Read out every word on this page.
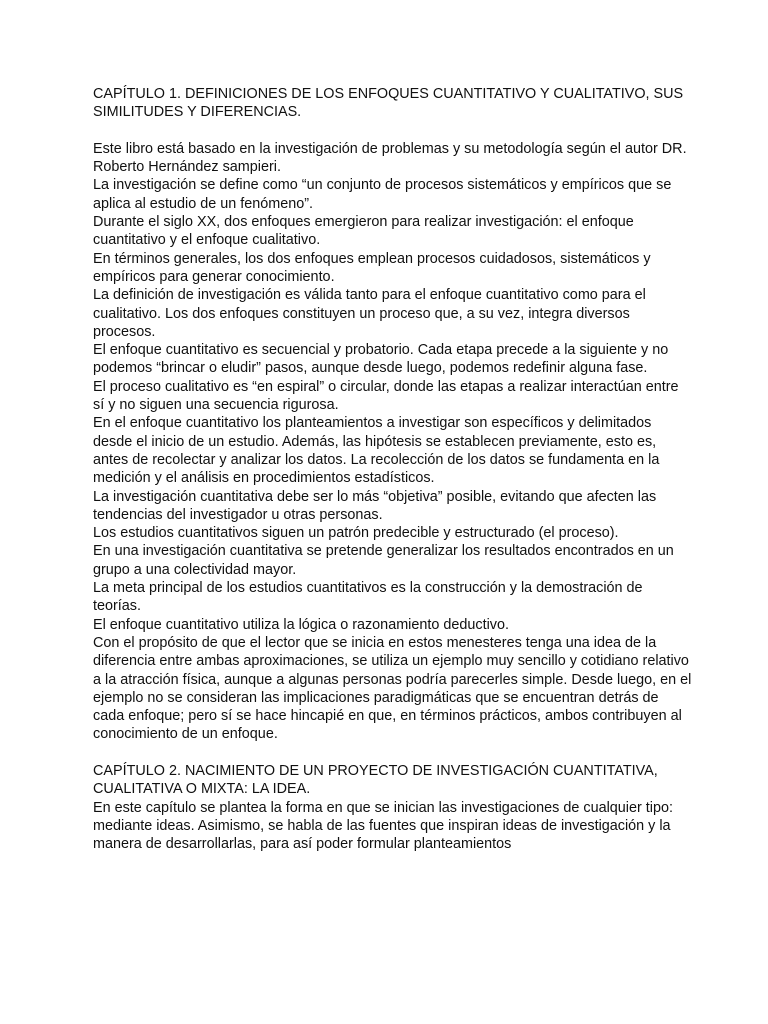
CAPÍTULO 1. DEFINICIONES DE LOS ENFOQUES CUANTITATIVO Y CUALITATIVO, SUS SIMILITUDES Y DIFERENCIAS.

Este libro está basado en la investigación de problemas y su metodología según el autor DR.

Roberto Hernández sampieri.

La investigación se define como “un conjunto de procesos sistemáticos y empíricos que se aplica al estudio de un fenómeno”.

Durante el siglo XX, dos enfoques emergieron para realizar investigación: el enfoque cuantitativo y el enfoque cualitativo.

En términos generales, los dos enfoques emplean procesos cuidadosos, sistemáticos y empíricos para generar conocimiento.

La definición de investigación es válida tanto para el enfoque cuantitativo como para el cualitativo. Los dos enfoques constituyen un proceso que, a su vez, integra diversos procesos.

El enfoque cuantitativo es secuencial y probatorio. Cada etapa precede a la siguiente y no podemos “brincar o eludir” pasos, aunque desde luego, podemos redefinir alguna fase.

El proceso cualitativo es “en espiral” o circular, donde las etapas a realizar interactúan entre sí y no siguen una secuencia rigurosa.

En el enfoque cuantitativo los planteamientos a investigar son específicos y delimitados desde el inicio de un estudio. Además, las hipótesis se establecen previamente, esto es, antes de recolectar y analizar los datos. La recolección de los datos se fundamenta en la medición y el análisis en procedimientos estadísticos.

La investigación cuantitativa debe ser lo más “objetiva” posible, evitando que afecten las tendencias del investigador u otras personas.

Los estudios cuantitativos siguen un patrón predecible y estructurado (el proceso).

En una investigación cuantitativa se pretende generalizar los resultados encontrados en un grupo a una colectividad mayor.

La meta principal de los estudios cuantitativos es la construcción y la demostración de teorías.

El enfoque cuantitativo utiliza la lógica o razonamiento deductivo.

Con el propósito de que el lector que se inicia en estos menesteres tenga una idea de la diferencia entre ambas aproximaciones, se utiliza un ejemplo muy sencillo y cotidiano relativo a la atracción física, aunque a algunas personas podría parecerles simple. Desde luego, en el ejemplo no se consideran las implicaciones paradigmáticas que se encuentran detrás de cada enfoque; pero sí se hace hincapié en que, en términos prácticos, ambos contribuyen al conocimiento de un enfoque.

CAPÍTULO 2. NACIMIENTO DE UN PROYECTO DE INVESTIGACIÓN CUANTITATIVA, CUALITATIVA O MIXTA: LA IDEA.

En este capítulo se plantea la forma en que se inician las investigaciones de cualquier tipo:

mediante ideas. Asimismo, se habla de las fuentes que inspiran ideas de investigación y la manera de desarrollarlas, para así poder formular planteamientos
